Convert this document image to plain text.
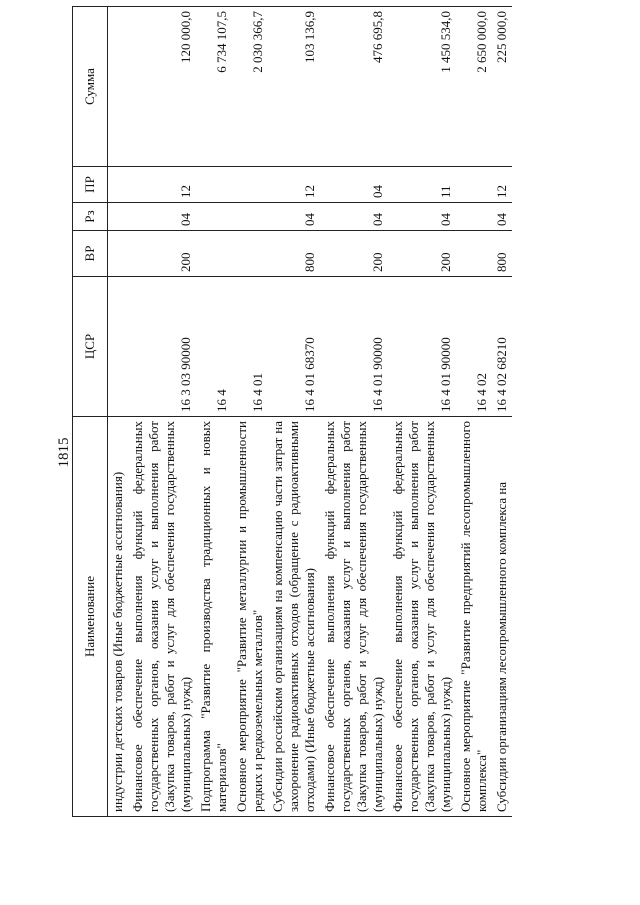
1815
Наименование	ЦСР	ВР	Рз	ПР	Сумма
индустрии детских товаров (Иные бюджетные ассигнования)					
Финансовое обеспечение выполнения функций федеральных государственных органов, оказания услуг и выполнения работ (Закупка товаров, работ и услуг для обеспечения государственных (муниципальных) нужд)	16 3 03 90000	200	04	12	120 000,0
Подпрограмма "Развитие производства традиционных и новых материалов"	16 4				6 734 107,5
Основное мероприятие "Развитие металлургии и промышленности редких и редкоземельных металлов"	16 4 01				2 030 366,7
Субсидии российским организациям на компенсацию части затрат на захоронение радиоактивных отходов (обращение с радиоактивными отходами) (Иные бюджетные ассигнования)	16 4 01 68370	800	04	12	103 136,9
Финансовое обеспечение выполнения функций федеральных государственных органов, оказания услуг и выполнения работ (Закупка товаров, работ и услуг для обеспечения государственных (муниципальных) нужд)	16 4 01 90000	200	04	04	476 695,8
Финансовое обеспечение выполнения функций федеральных государственных органов, оказания услуг и выполнения работ (Закупка товаров, работ и услуг для обеспечения государственных (муниципальных) нужд)	16 4 01 90000	200	04	11	1 450 534,0
Основное мероприятие "Развитие предприятий лесопромышленного комплекса"	16 4 02				2 650 000,0
Субсидии организациям лесопромышленного комплекса на	16 4 02 68210	800	04	12	225 000,0
